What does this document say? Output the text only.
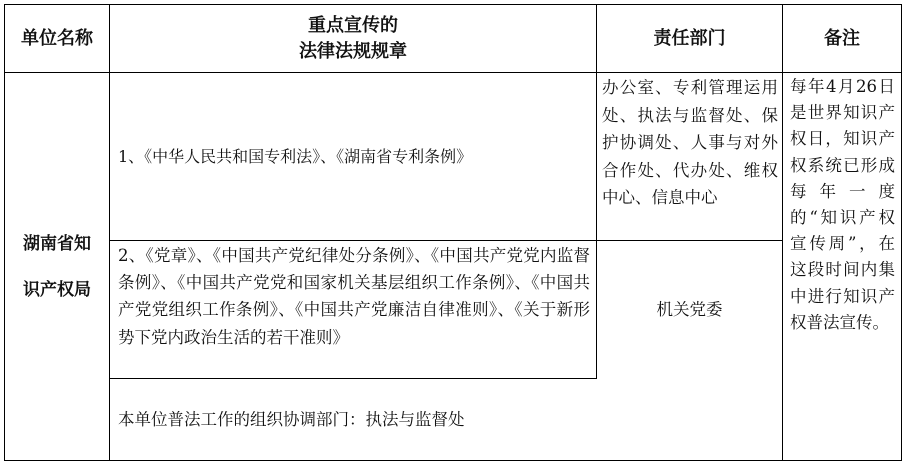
单位名称
重点宣传的
法律法规规章
责任部门	备注
湖南省知
识产权局
1、《中华人民共和国专利法》、《湖南省专利条例》
办公室、专利管理运用处、执法与监督处、保护协调处、人事与对外合作处、代办处、维权中心、信息中心
2、《党章》、《中国共产党纪律处分条例》、《中国共产党党内监督条例》、《中国共产党党和国家机关基层组织工作条例》、《中国共产党党组织工作条例》、《中国共产党廉洁自律准则》、《关于新形势下党内政治生活的若干准则》
机关党委
本单位普法工作的组织协调部门：执法与监督处
每年4月26日是世界知识产权日，知识产权系统已形成每年一度的“知识产权宣传周”，在这段时间内集中进行知识产权普法宣传。
